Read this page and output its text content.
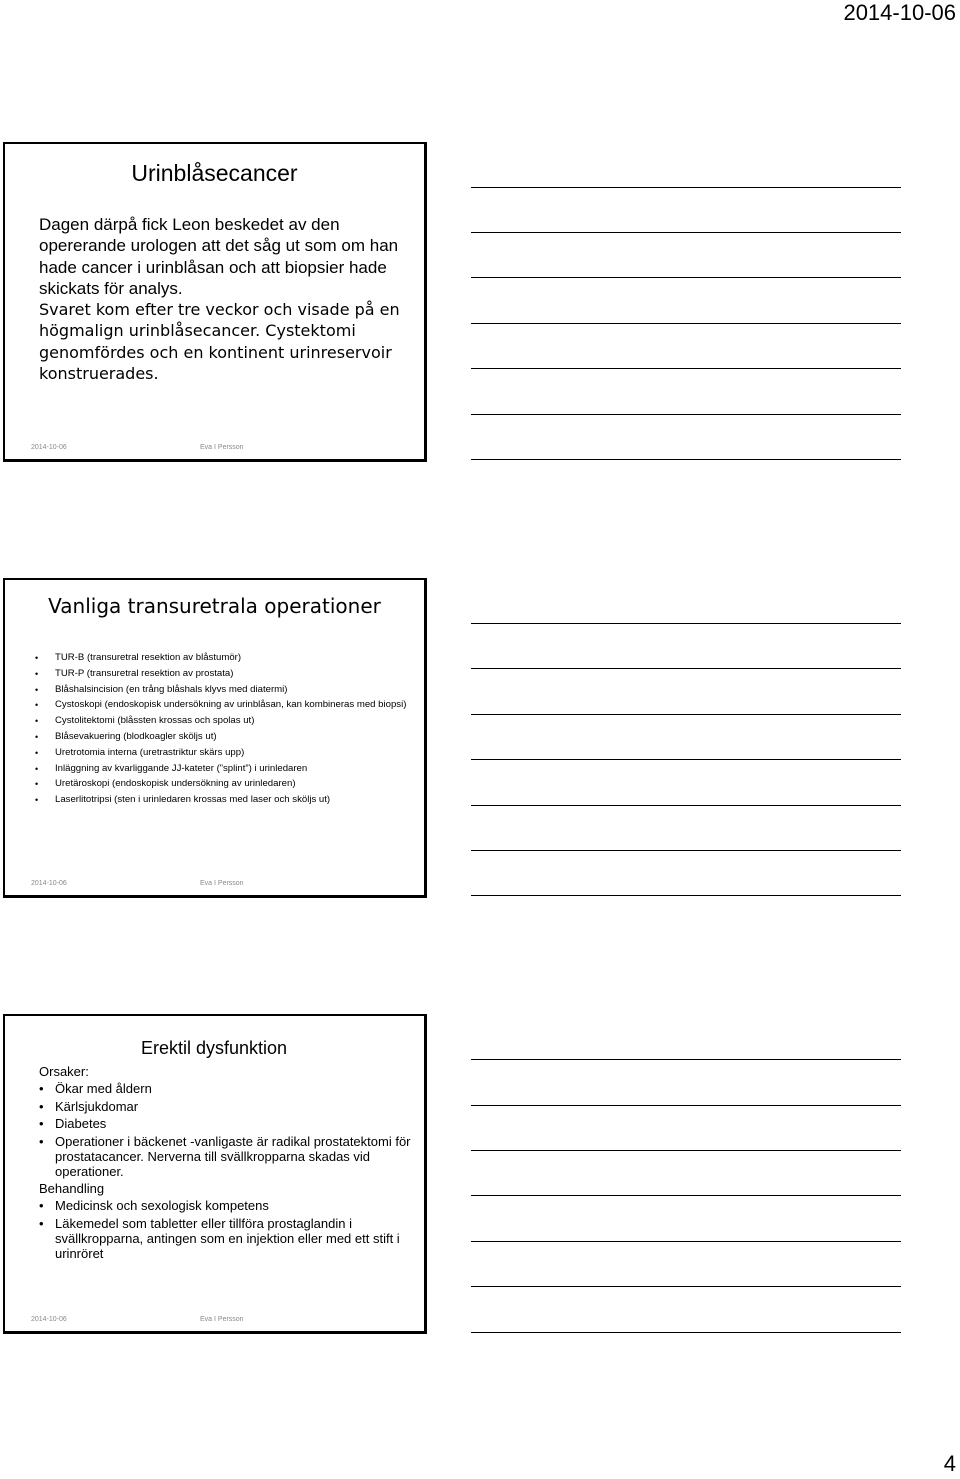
2014-10-06
Urinblåsecancer

Dagen därpå fick Leon beskedet av den opererande urologen att det såg ut som om han hade cancer i urinblåsan och att biopsier hade skickats för analys.

Svaret kom efter tre veckor och visade på en högmalign urinblåsecancer. Cystektomi genomfördes och en kontinent urinreservoir konstruerades.

2014-10-06	Eva I Persson
Vanliga transuretrala operationer
• TUR-B (transuretral resektion av blåstumör)
• TUR-P (transuretral resektion av prostata)
• Blåshalsincision (en trång blåshals klyvs med diatermi)
• Cystoskopi (endoskopisk undersökning av urinblåsan, kan kombineras med biopsi)
• Cystolitektomi (blåssten krossas och spolas ut)
• Blåsevakuering (blodkoagler sköljs ut)
• Uretrotomia interna (uretrastriktur skärs upp)
• Inläggning av kvarliggande JJ-kateter (”splint”) i urinledaren
• Uretäroskopi (endoskopisk undersökning av urinledaren)
• Laserlitotripsi (sten i urinledaren krossas med laser och sköljs ut)
2014-10-06	Eva I Persson
Erektil dysfunktion
Orsaker:
• Ökar med åldern
• Kärlsjukdomar
• Diabetes
• Operationer i bäckenet -vanligaste är radikal prostatektomi för prostatacancer. Nerverna till svällkropparna skadas vid operationer.
Behandling
• Medicinsk och sexologisk kompetens
• Läkemedel som tabletter eller tillföra prostaglandin i svällkropparna, antingen som en injektion eller med ett stift i urinröret
2014-10-06	Eva I Persson
4
